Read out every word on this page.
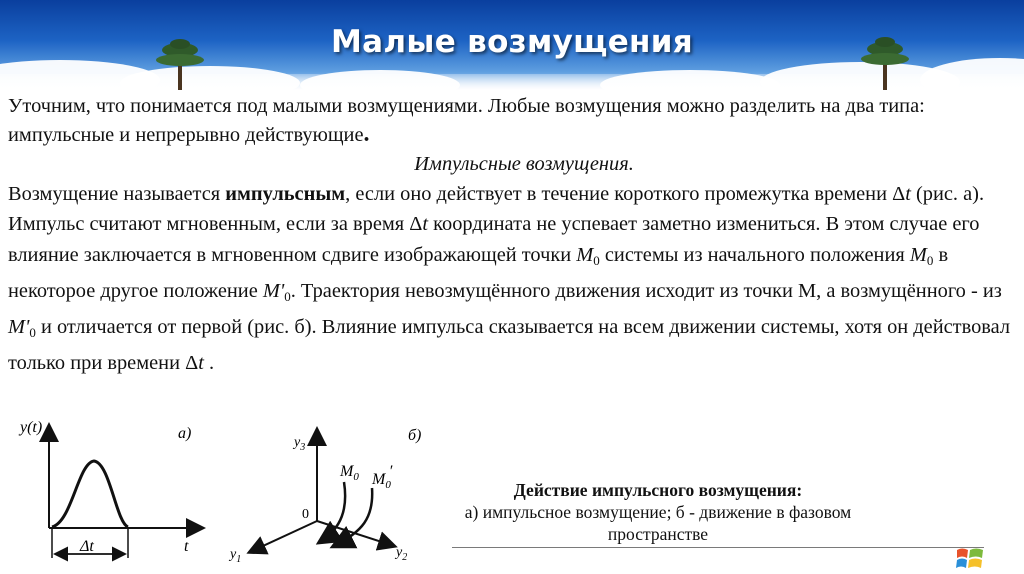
Малые возмущения

Уточним, что понимается под малыми возмущениями. Любые возмущения можно разделить на два типа: импульсные и непрерывно действующие.

Импульсные возмущения.

Возмущение называется импульсным, если оно действует в течение короткого промежутка времени Δt (рис. а). Импульс считают мгновенным, если за время Δt координата не успевает заметно измениться. В этом случае его влияние заключается в мгновенном сдвиге изображающей точки $M_0$ системы из начального положения $M_0$ в некоторое другое положение $M'_0$. Траектория невозмущённого движения исходит из точки М, а возмущённого - из $M'_0$ и отличается от первой (рис. б). Влияние импульса сказывается на всем движении системы, хотя он действовал только при времени Δt .

y(t)
t
Δt
а)
$y_3$
$y_1$	$y_2$
0
$M_0$ $M_0'$
б)
Действие импульсного возмущения:
а) импульсное возмущение; б - движение в фазовом пространстве
